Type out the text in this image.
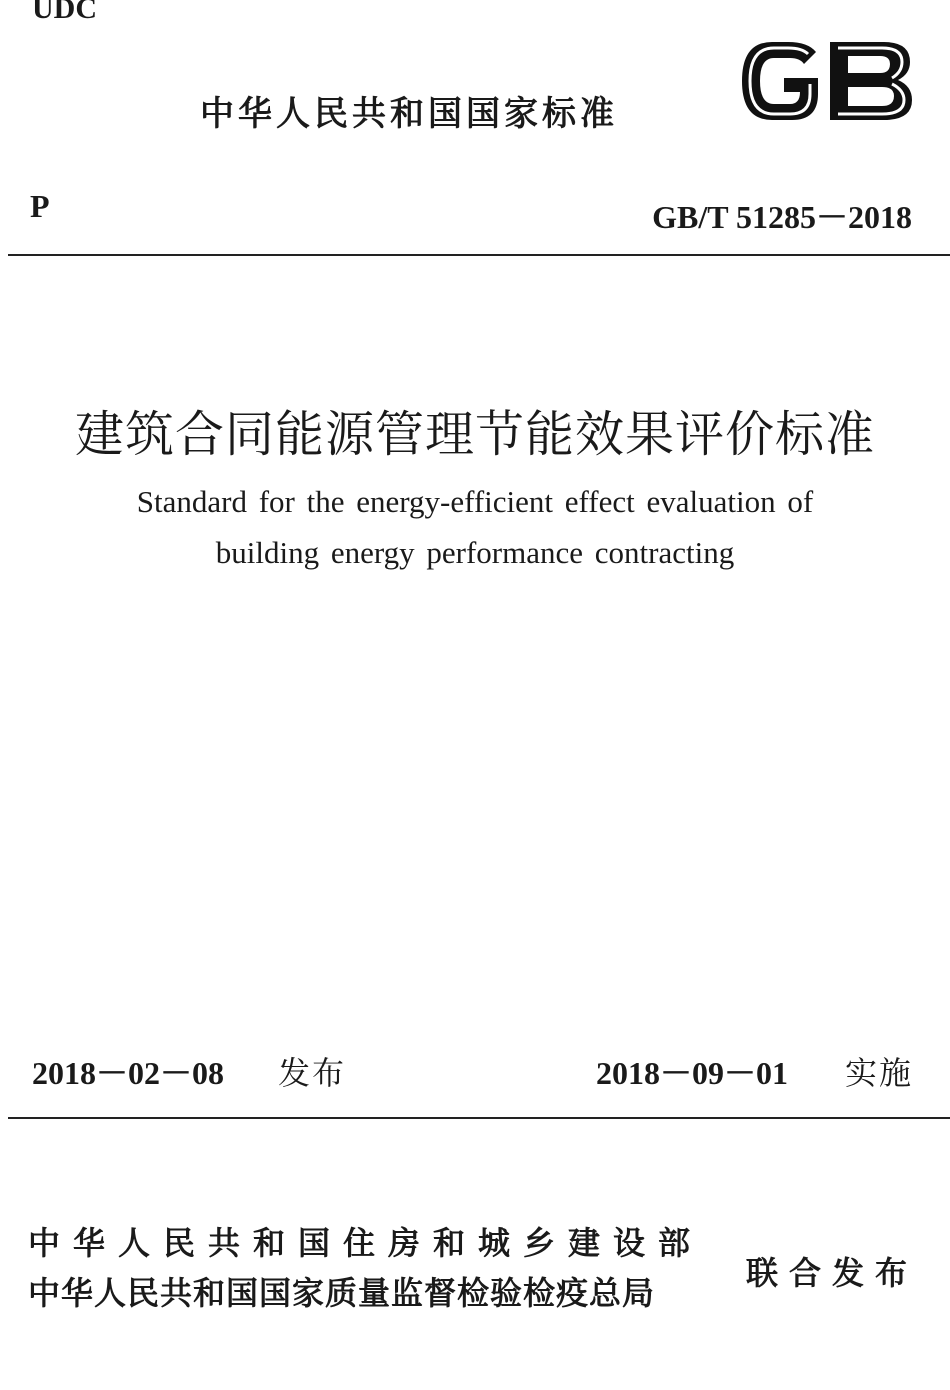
UDC
中华人民共和国国家标准
P	GB/T 51285－2018
建筑合同能源管理节能效果评价标准
Standard for the energy-efficient effect evaluation of
building energy performance contracting
2018－02－08 发布	2018－09－01 实施
中华人民共和国住房和城乡建设部
中华人民共和国国家质量监督检验检疫总局
联合发布
